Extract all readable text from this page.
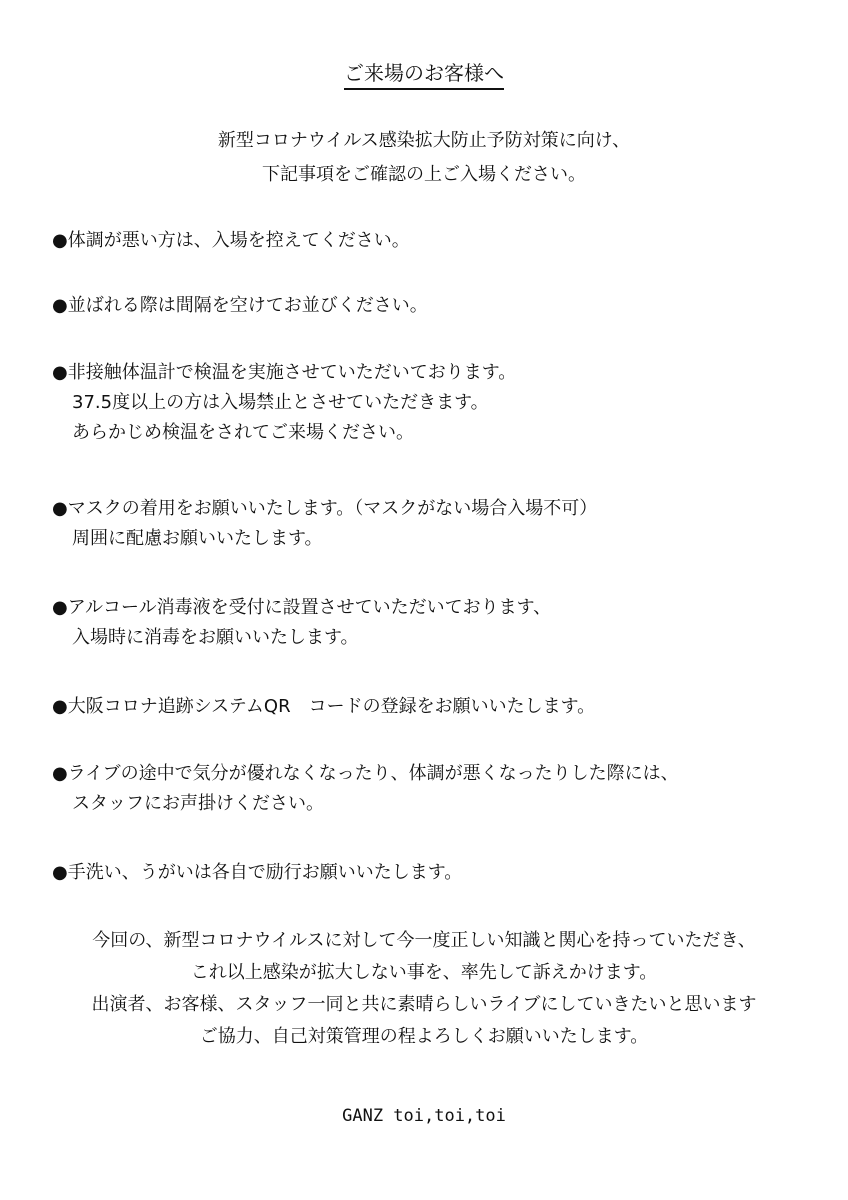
ご来場のお客様へ
新型コロナウイルス感染拡大防止予防対策に向け、
下記事項をご確認の上ご入場ください。
●体調が悪い方は、入場を控えてください。
●並ばれる際は間隔を空けてお並びください。
●非接触体温計で検温を実施させていただいております。
37.5度以上の方は入場禁止とさせていただきます。
あらかじめ検温をされてご来場ください。
●マスクの着用をお願いいたします。（マスクがない場合入場不可）
周囲に配慮お願いいたします。
●アルコール消毒液を受付に設置させていただいております、
入場時に消毒をお願いいたします。
●大阪コロナ追跡システムQR　コードの登録をお願いいたします。
●ライブの途中で気分が優れなくなったり、体調が悪くなったりした際には、
スタッフにお声掛けください。
●手洗い、うがいは各自で励行お願いいたします。
今回の、新型コロナウイルスに対して今一度正しい知識と関心を持っていただき、
これ以上感染が拡大しない事を、率先して訴えかけます。
出演者、お客様、スタッフ一同と共に素晴らしいライブにしていきたいと思います
ご協力、自己対策管理の程よろしくお願いいたします。
GANZ toi,toi,toi
